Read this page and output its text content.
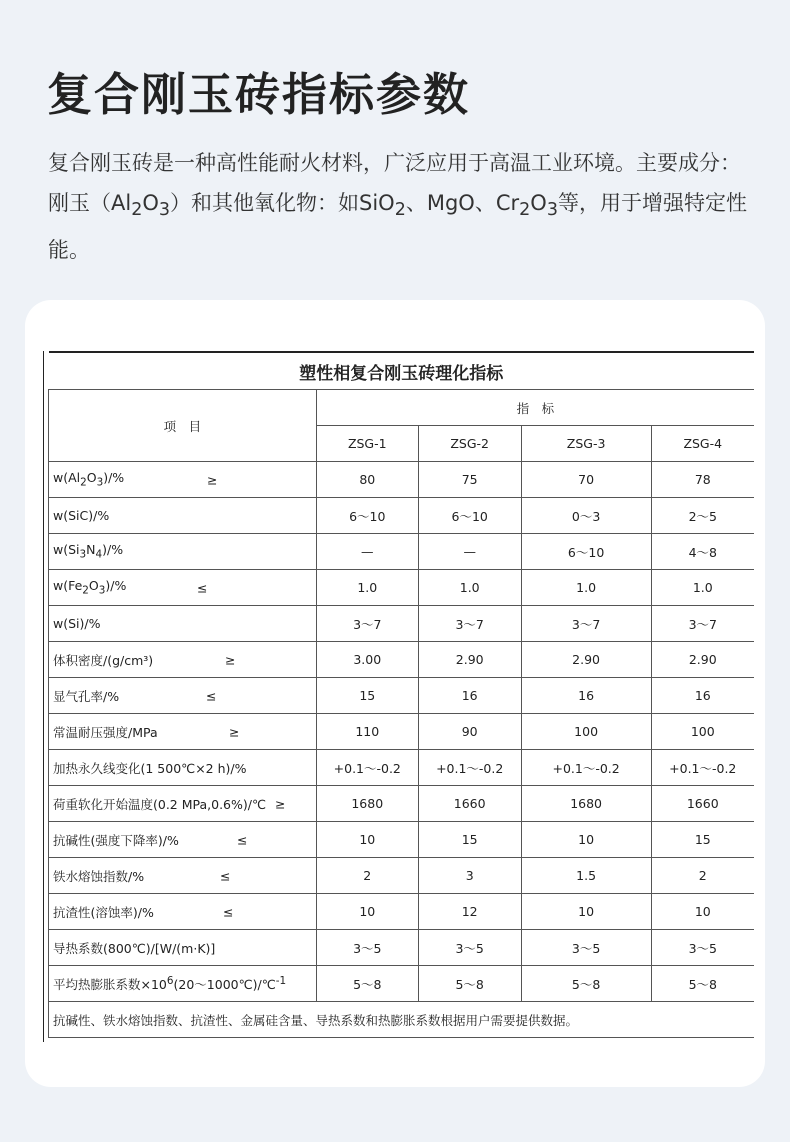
复合刚玉砖指标参数
复合刚玉砖是一种高性能耐火材料，广泛应用于高温工业环境。主要成分：刚玉$(Al_2O_3)$和其他氧化物：如SiO$_2$、MgO、$Cr_2O_3$等，用于增强特定性能。
塑性相复合刚玉砖理化指标				
项　目	指　标			
	ZSG-1	ZSG-2	ZSG-3	ZSG-4
$w(Al_2O_3)/\%$ ≥	80	75	70	78
w(SiC)/%	6～10	6～10	0～3	2～5
$w(Si_3N_4)/\%$	—	—	6～10	4～8
$w(Fe_2O_3)/\%$ ≤	1.0	1.0	1.0	1.0
w(Si)/%	3～7	3～7	3～7	3～7
体积密度/(g/cm³) ≥	3.00	2.90	2.90	2.90
显气孔率/% ≤	15	16	16	16
常温耐压强度/MPa ≥	110	90	100	100
加热永久线变化(1 500℃×2 h)/%	+0.1～-0.2	+0.1～-0.2	+0.1～-0.2	+0.1～-0.2
荷重软化开始温度(0.2 MPa,0.6%)/℃ ≥	1680	1660	1680	1660
抗碱性(强度下降率)/% ≤	10	15	10	15
铁水熔蚀指数/% ≤	2	3	1.5	2
抗渣性(溶蚀率)/% ≤	10	12	10	10
导热系数(800℃)/[W/(m·K)]	3～5	3～5	3～5	3～5
平均热膨胀系数$\times 10^6(20\sim 1000℃)/℃^{-1}$	5～8	5～8	5～8	5～8
抗碱性、铁水熔蚀指数、抗渣性、金属硅含量、导热系数和热膨胀系数根据用户需要提供数据。				
